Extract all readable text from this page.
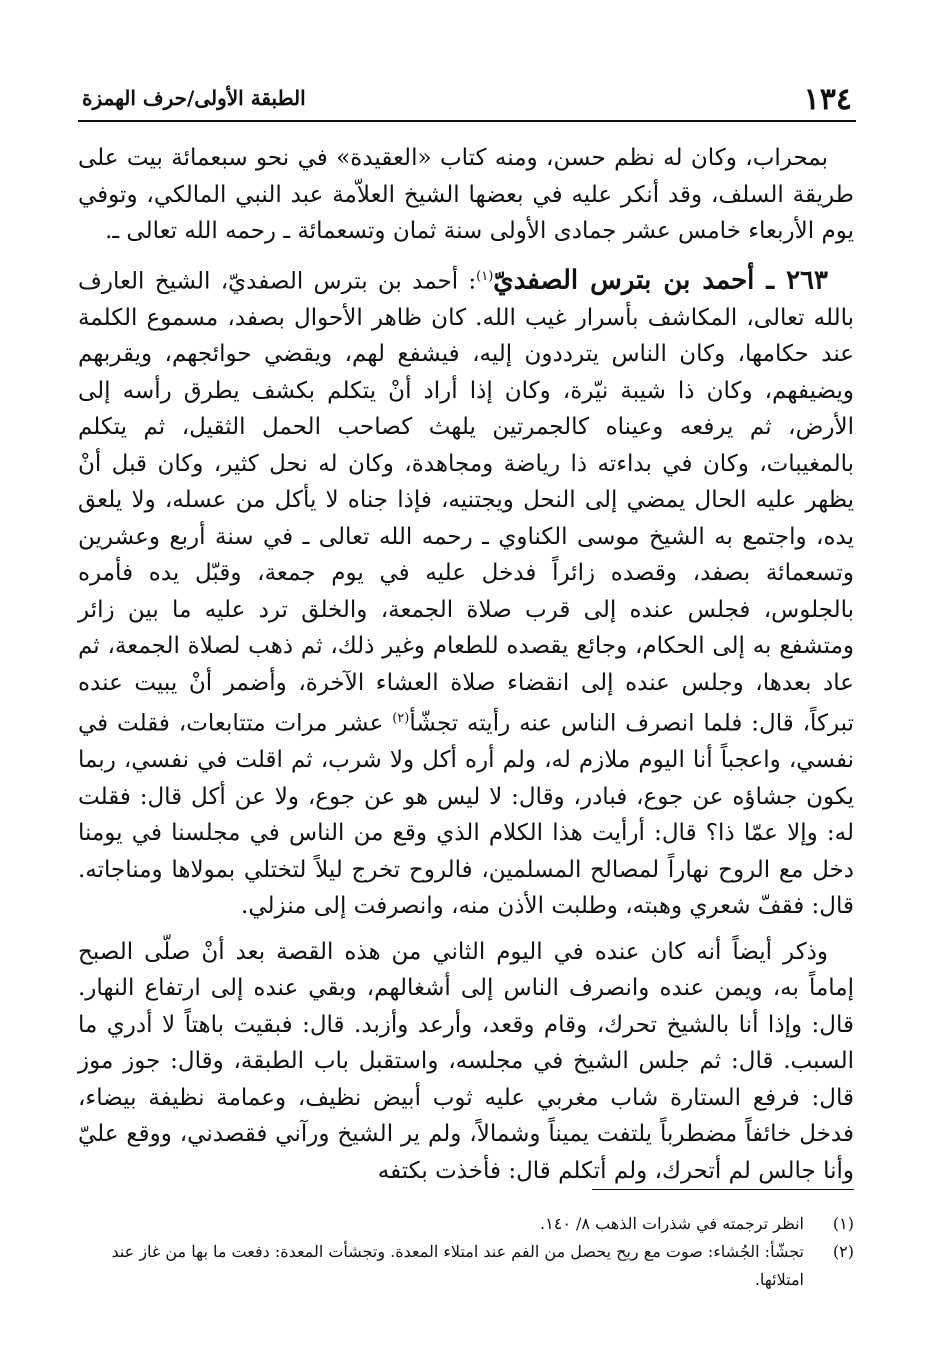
١٣٤
الطبقة الأولى/حرف الهمزة

بمحراب، وكان له نظم حسن، ومنه كتاب «العقيدة» في نحو سبعمائة بيت على طريقة السلف، وقد أنكر عليه في بعضها الشيخ العلاّمة عبد النبي المالكي، وتوفي يوم الأربعاء خامس عشر جمادى الأولى سنة ثمان وتسعمائة ـ رحمه الله تعالى ـ.

٢٦٣ ـ أحمد بن بترس الصفديّ$^{(١)}$: أحمد بن بترس الصفديّ، الشيخ العارف بالله تعالى، المكاشف بأسرار غيب الله. كان ظاهر الأحوال بصفد، مسموع الكلمة عند حكامها، وكان الناس يترددون إليه، فيشفع لهم، ويقضي حوائجهم، ويقربهم ويضيفهم، وكان ذا شيبة نيّرة، وكان إذا أراد أنْ يتكلم بكشف يطرق رأسه إلى الأرض، ثم يرفعه وعيناه كالجمرتين يلهث كصاحب الحمل الثقيل، ثم يتكلم بالمغيبات، وكان في بداءته ذا رياضة ومجاهدة، وكان له نحل كثير، وكان قبل أنْ يظهر عليه الحال يمضي إلى النحل ويجتنيه، فإذا جناه لا يأكل من عسله، ولا يلعق يده، واجتمع به الشيخ موسى الكناوي ـ رحمه الله تعالى ـ في سنة أربع وعشرين وتسعمائة بصفد، وقصده زائراً فدخل عليه في يوم جمعة، وقبّل يده فأمره بالجلوس، فجلس عنده إلى قرب صلاة الجمعة، والخلق ترد عليه ما بين زائر ومتشفع به إلى الحكام، وجائع يقصده للطعام وغير ذلك، ثم ذهب لصلاة الجمعة، ثم عاد بعدها، وجلس عنده إلى انقضاء صلاة العشاء الآخرة، وأضمر أنْ يبيت عنده تبركاً، قال: فلما انصرف الناس عنه رأيته تجشّأ$^{(٢)}$ عشر مرات متتابعات، فقلت في نفسي، واعجباً أنا اليوم ملازم له، ولم أره أكل ولا شرب، ثم اقلت في نفسي، ربما يكون جشاؤه عن جوع، فبادر، وقال: لا ليس هو عن جوع، ولا عن أكل قال: فقلت له: وإلا عمّا ذا؟ قال: أرأيت هذا الكلام الذي وقع من الناس في مجلسنا في يومنا دخل مع الروح نهاراً لمصالح المسلمين، فالروح تخرج ليلاً لتختلي بمولاها ومناجاته. قال: فقفّ شعري وهبته، وطلبت الأذن منه، وانصرفت إلى منزلي.

وذكر أيضاً أنه كان عنده في اليوم الثاني من هذه القصة بعد أنْ صلّى الصبح إماماً به، ويمن عنده وانصرف الناس إلى أشغالهم، وبقي عنده إلى ارتفاع النهار. قال: وإذا أنا بالشيخ تحرك، وقام وقعد، وأرعد وأزبد. قال: فبقيت باهتاً لا أدري ما السبب. قال: ثم جلس الشيخ في مجلسه، واستقبل باب الطبقة، وقال: جوز موز قال: فرفع الستارة شاب مغربي عليه ثوب أبيض نظيف، وعمامة نظيفة بيضاء، فدخل خائفاً مضطرباً يلتفت يميناً وشمالاً، ولم ير الشيخ ورآني فقصدني، ووقع عليّ وأنا جالس لم أتحرك، ولم أتكلم قال: فأخذت بكتفه

(١)
انظر ترجمته في شذرات الذهب ٨/ ١٤٠.

(٢)
تجشّأ: الجُشاء: صوت مع ريح يحصل من الفم عند امتلاء المعدة. وتجشأت المعدة: دفعت ما بها من غاز عند امتلائها.
